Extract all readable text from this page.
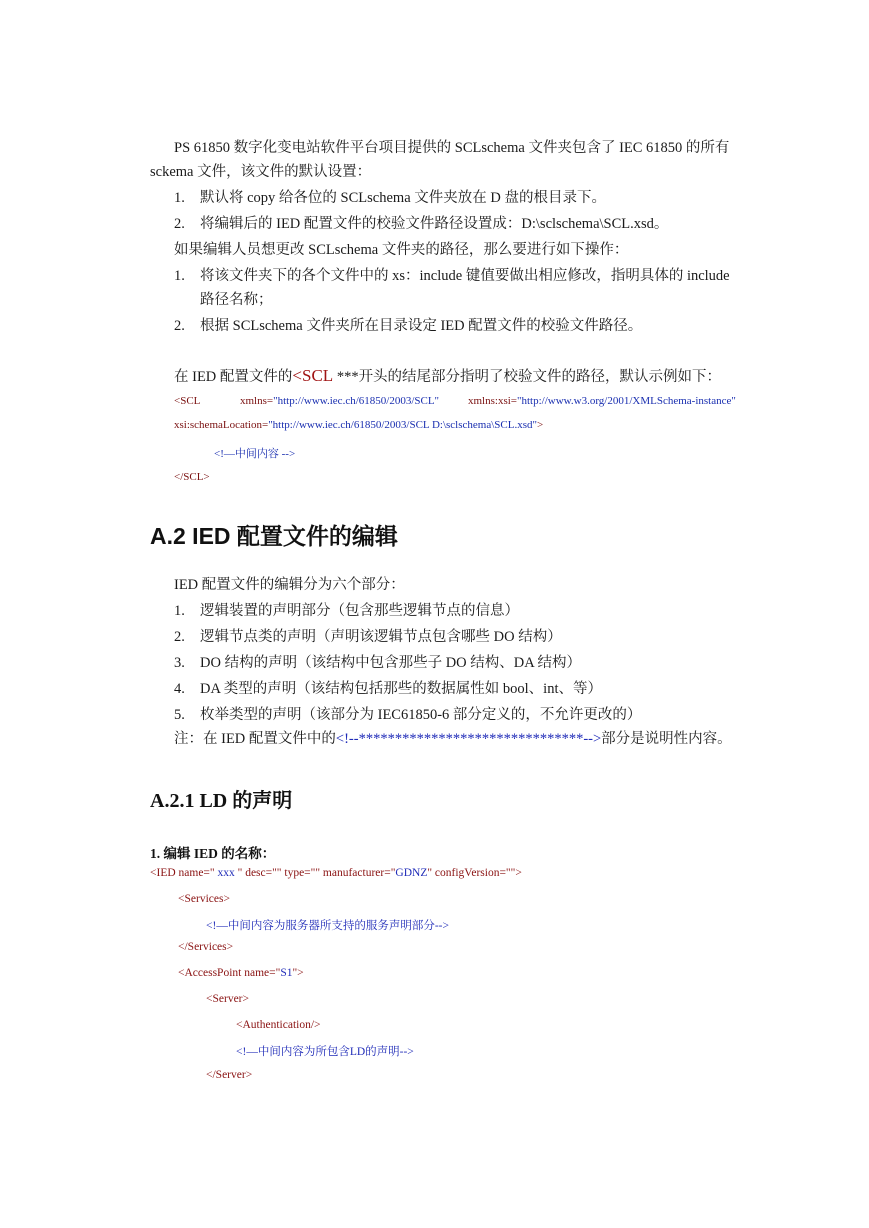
PS 61850 数字化变电站软件平台项目提供的 SCLschema 文件夹包含了 IEC 61850 的所有
sckema 文件，该文件的默认设置：
1. 默认将 copy 给各位的 SCLschema 文件夹放在 D 盘的根目录下。
2. 将编辑后的 IED 配置文件的校验文件路径设置成：D:\sclschema\SCL.xsd。
如果编辑人员想更改 SCLschema 文件夹的路径，那么要进行如下操作：
1. 将该文件夹下的各个文件中的 xs：include 键值要做出相应修改，指明具体的 include
路径名称；
2. 根据 SCLschema 文件夹所在目录设定 IED 配置文件的校验文件路径。
在 IED 配置文件的<SCL ***开头的结尾部分指明了校验文件的路径，默认示例如下：
<SCL	xmlns="http://www.iec.ch/61850/2003/SCL"	xmlns:xsi="http://www.w3.org/2001/XMLSchema-instance"
xsi:schemaLocation="http://www.iec.ch/61850/2003/SCL D:\sclschema\SCL.xsd">
<!—中间内容 -->
</SCL>
A.2 IED 配置文件的编辑
IED 配置文件的编辑分为六个部分：
1. 逻辑装置的声明部分（包含那些逻辑节点的信息）
2. 逻辑节点类的声明（声明该逻辑节点包含哪些 DO 结构）
3. DO 结构的声明（该结构中包含那些子 DO 结构、DA 结构）
4. DA 类型的声明（该结构包括那些的数据属性如 bool、int、等）
5. 枚举类型的声明（该部分为 IEC61850-6 部分定义的，不允许更改的）
注：在 IED 配置文件中的<!--*******************************-->部分是说明性内容。
A.2.1 LD 的声明
1. 编辑 IED 的名称：
<IED name=" xxx " desc="" type="" manufacturer="GDNZ" configVersion="">
<Services>
<!—中间内容为服务器所支持的服务声明部分-->
</Services>
<AccessPoint name="S1">
<Server>
<Authentication/>
<!—中间内容为所包含LD的声明-->
</Server>
